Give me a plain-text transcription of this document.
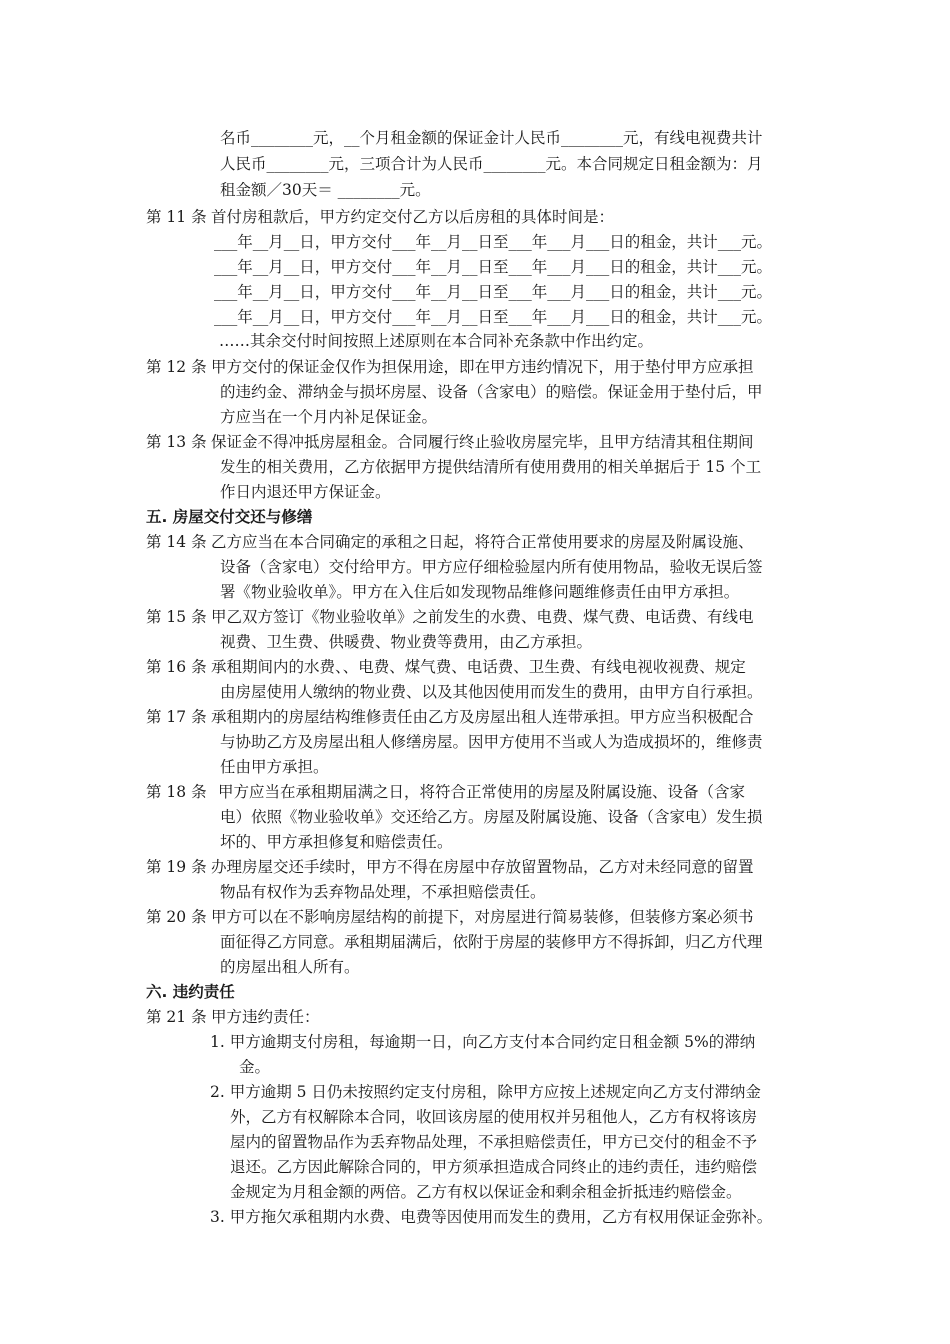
名币________元，__个月租金额的保证金计人民币________元，有线电视费共计
人民币________元，三项合计为人民币________元。本合同规定日租金额为：月
租金额／30天＝ ________元。
第 11 条 首付房租款后，甲方约定交付乙方以后房租的具体时间是：
___年__月__日，甲方交付___年__月__日至___年___月___日的租金，共计___元。
___年__月__日，甲方交付___年__月__日至___年___月___日的租金，共计___元。
___年__月__日，甲方交付___年__月__日至___年___月___日的租金，共计___元。
___年__月__日，甲方交付___年__月__日至___年___月___日的租金，共计___元。
……其余交付时间按照上述原则在本合同补充条款中作出约定。
第 12 条 甲方交付的保证金仅作为担保用途，即在甲方违约情况下，用于垫付甲方应承担
的违约金、滞纳金与损坏房屋、设备（含家电）的赔偿。保证金用于垫付后，甲
方应当在一个月内补足保证金。
第 13 条 保证金不得冲抵房屋租金。合同履行终止验收房屋完毕，且甲方结清其租住期间
发生的相关费用，乙方依据甲方提供结清所有使用费用的相关单据后于 15 个工
作日内退还甲方保证金。
五. 房屋交付交还与修缮
第 14 条 乙方应当在本合同确定的承租之日起，将符合正常使用要求的房屋及附属设施、
设备（含家电）交付给甲方。甲方应仔细检验屋内所有使用物品，验收无误后签
署《物业验收单》。甲方在入住后如发现物品维修问题维修责任由甲方承担。
第 15 条 甲乙双方签订《物业验收单》之前发生的水费、电费、煤气费、电话费、有线电
视费、卫生费、供暖费、物业费等费用，由乙方承担。
第 16 条 承租期间内的水费、、电费、煤气费、电话费、卫生费、有线电视收视费、规定
由房屋使用人缴纳的物业费、以及其他因使用而发生的费用，由甲方自行承担。
第 17 条 承租期内的房屋结构维修责任由乙方及房屋出租人连带承担。甲方应当积极配合
与协助乙方及房屋出租人修缮房屋。因甲方使用不当或人为造成损坏的，维修责
任由甲方承担。
第 18 条 甲方应当在承租期届满之日，将符合正常使用的房屋及附属设施、设备（含家
电）依照《物业验收单》交还给乙方。房屋及附属设施、设备（含家电）发生损
坏的、甲方承担修复和赔偿责任。
第 19 条 办理房屋交还手续时，甲方不得在房屋中存放留置物品，乙方对未经同意的留置
物品有权作为丢弃物品处理，不承担赔偿责任。
第 20 条 甲方可以在不影响房屋结构的前提下，对房屋进行简易装修，但装修方案必须书
面征得乙方同意。承租期届满后，依附于房屋的装修甲方不得拆卸，归乙方代理
的房屋出租人所有。
六. 违约责任
第 21 条 甲方违约责任：
1. 甲方逾期支付房租，每逾期一日，向乙方支付本合同约定日租金额 5%的滞纳
金。
2. 甲方逾期 5 日仍未按照约定支付房租，除甲方应按上述规定向乙方支付滞纳金
外，乙方有权解除本合同，收回该房屋的使用权并另租他人，乙方有权将该房
屋内的留置物品作为丢弃物品处理，不承担赔偿责任，甲方已交付的租金不予
退还。乙方因此解除合同的，甲方须承担造成合同终止的违约责任，违约赔偿
金规定为月租金额的两倍。乙方有权以保证金和剩余租金折抵违约赔偿金。
3. 甲方拖欠承租期内水费、电费等因使用而发生的费用，乙方有权用保证金弥补。
